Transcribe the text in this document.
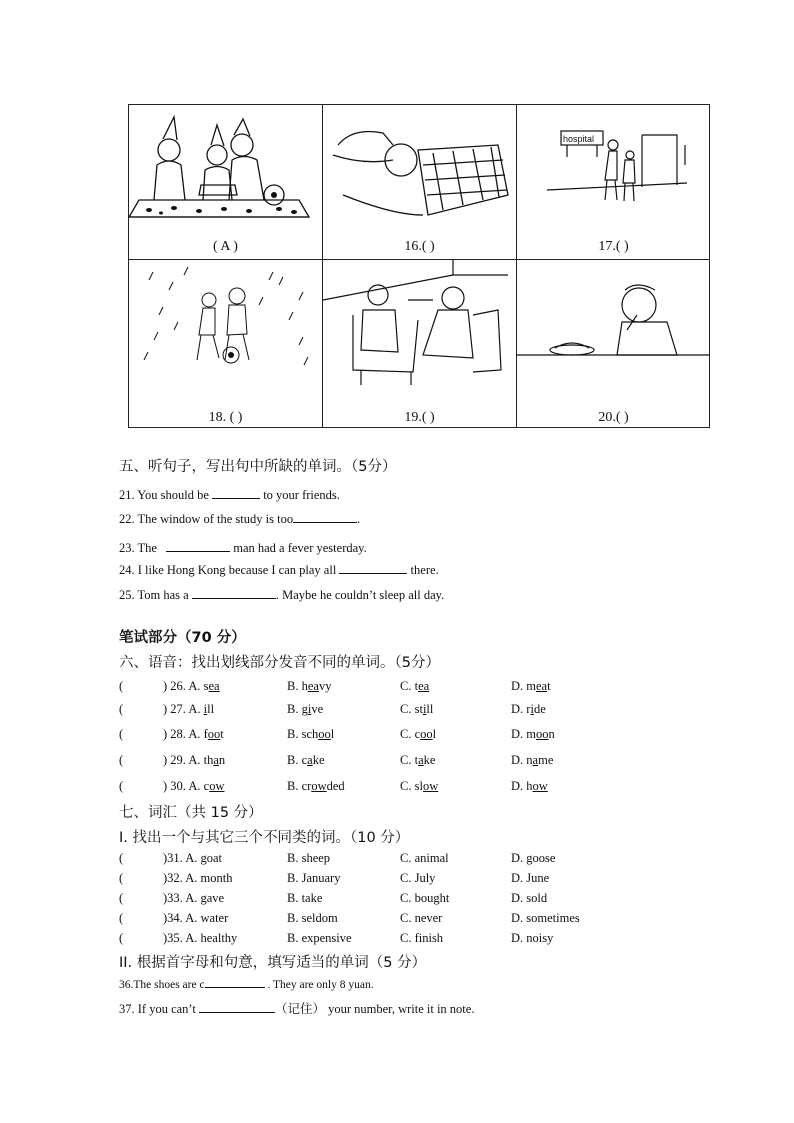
( A )	16.( )
hospital
17.( )
18. ( )	19.( )	20.( )
五、听句子，写出句中所缺的单词。（5分）
21. You should be	to your friends.
22. The window of the study is too	.
23. The	man had a fever yesterday.
24. I like Hong Kong because I can play all	there.
25. Tom has a	. Maybe he couldn’t sleep all day.
笔试部分（70 分）
六、语音：找出划线部分发音不同的单词。（5分）
(	) 26. A. sea	B. heavy	C. tea	D. meat
(	) 27. A. ill	B. give	C. still	D. ride
(	) 28. A. foot	B. school	C. cool	D. moon
(	) 29. A. than	B. cake	C. take	D. name
(	) 30. A. cow	B. crowded	C. slow	D. how
七、词汇（共 15 分）
I. 找出一个与其它三个不同类的词。（10 分）
(	)31. A. goat	B. sheep	C. animal	D. goose
(	)32. A. month	B. January	C. July	D. June
(	)33. A. gave	B. take	C. bought	D. sold
(	)34. A. water	B. seldom	C. never	D. sometimes
(	)35. A. healthy	B. expensive	C. finish	D. noisy
II. 根据首字母和句意，填写适当的单词（5 分）
36.The shoes are c	. They are only 8 yuan.
37. If you can’t	（记住） your number, write it in note.
